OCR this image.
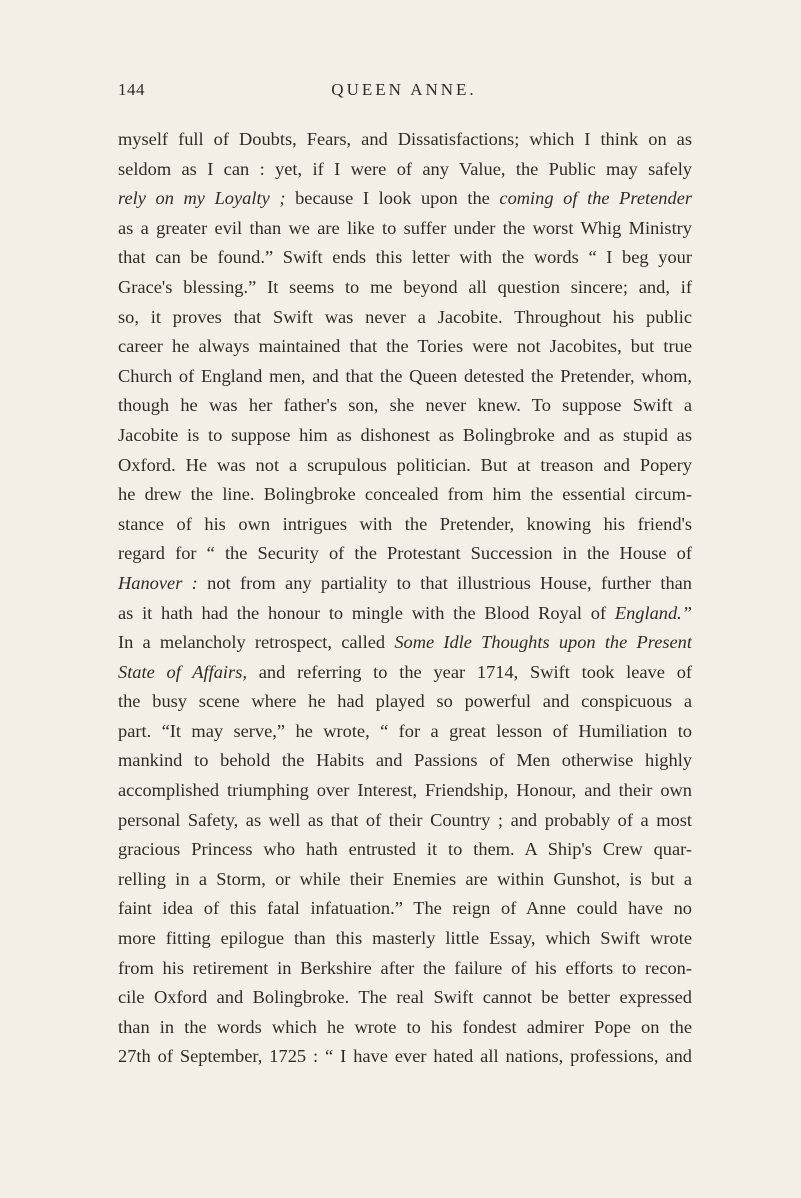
144	QUEEN ANNE.
myself full of Doubts, Fears, and Dissatisfactions; which I think on as
seldom as I can : yet, if I were of any Value, the Public may safely
rely on my Loyalty ; because I look upon the coming of the Pretender
as a greater evil than we are like to suffer under the worst Whig Ministry
that can be found.” Swift ends this letter with the words “ I beg your
Grace's blessing.” It seems to me beyond all question sincere; and, if
so, it proves that Swift was never a Jacobite. Throughout his public
career he always maintained that the Tories were not Jacobites, but true
Church of England men, and that the Queen detested the Pretender, whom,
though he was her father's son, she never knew. To suppose Swift a
Jacobite is to suppose him as dishonest as Bolingbroke and as stupid as
Oxford. He was not a scrupulous politician. But at treason and Popery
he drew the line. Bolingbroke concealed from him the essential circum-
stance of his own intrigues with the Pretender, knowing his friend's
regard for “ the Security of the Protestant Succession in the House of
Hanover : not from any partiality to that illustrious House, further than
as it hath had the honour to mingle with the Blood Royal of England.”
In a melancholy retrospect, called Some Idle Thoughts upon the Present
State of Affairs, and referring to the year 1714, Swift took leave of
the busy scene where he had played so powerful and conspicuous a
part. “It may serve,” he wrote, “ for a great lesson of Humiliation to
mankind to behold the Habits and Passions of Men otherwise highly
accomplished triumphing over Interest, Friendship, Honour, and their own
personal Safety, as well as that of their Country ; and probably of a most
gracious Princess who hath entrusted it to them. A Ship's Crew quar-
relling in a Storm, or while their Enemies are within Gunshot, is but a
faint idea of this fatal infatuation.” The reign of Anne could have no
more fitting epilogue than this masterly little Essay, which Swift wrote
from his retirement in Berkshire after the failure of his efforts to recon-
cile Oxford and Bolingbroke. The real Swift cannot be better expressed
than in the words which he wrote to his fondest admirer Pope on the
27th of September, 1725 : “ I have ever hated all nations, professions, and
